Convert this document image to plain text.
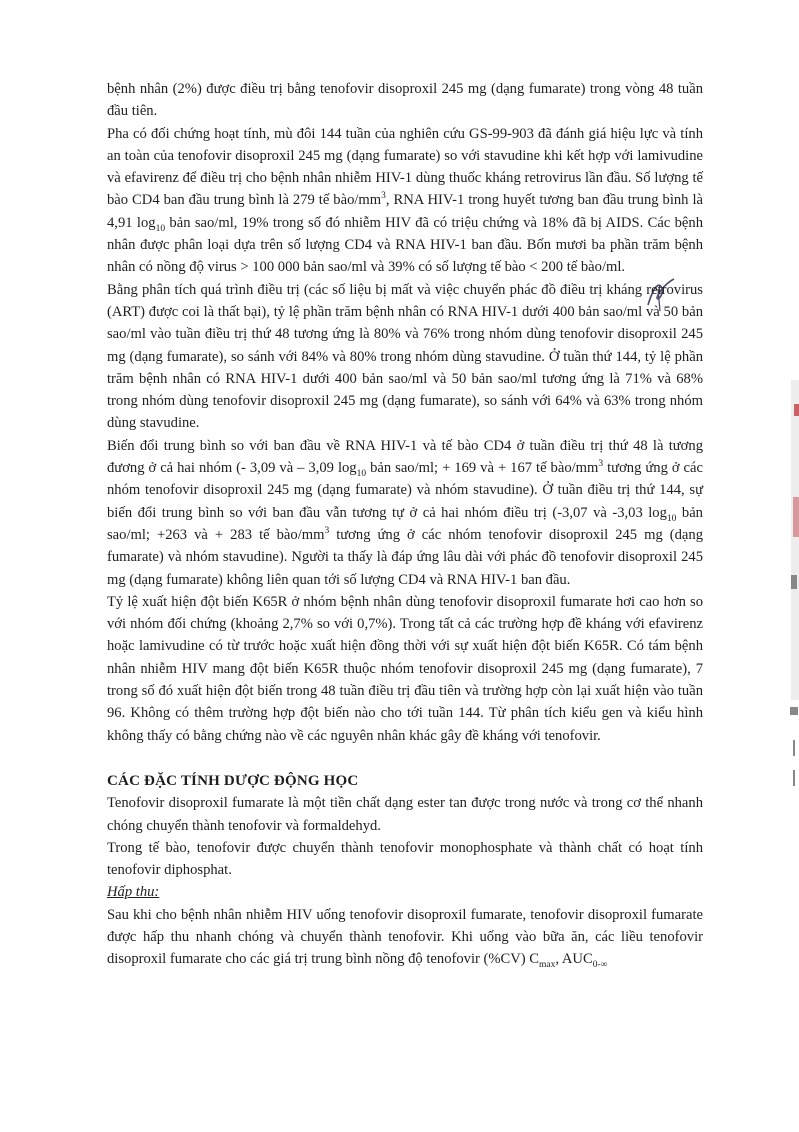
bệnh nhân (2%) được điều trị bằng tenofovir disoproxil 245 mg (dạng fumarate) trong vòng 48 tuần đầu tiên.

Pha có đối chứng hoạt tính, mù đôi 144 tuần của nghiên cứu GS-99-903 đã đánh giá hiệu lực và tính an toàn của tenofovir disoproxil 245 mg (dạng fumarate) so với stavudine khi kết hợp với lamivudine và efavirenz để điều trị cho bệnh nhân nhiễm HIV-1 dùng thuốc kháng retrovirus lần đầu. Số lượng tế bào CD4 ban đầu trung bình là 279 tế bào/$mm^3$, RNA HIV-1 trong huyết tương ban đầu trung bình là 4,91 $\log_{10}$ bản sao/ml, 19% trong số đó nhiễm HIV đã có triệu chứng và 18% đã bị AIDS. Các bệnh nhân được phân loại dựa trên số lượng CD4 và RNA HIV-1 ban đầu. Bốn mươi ba phần trăm bệnh nhân có nồng độ virus > 100 000 bản sao/ml và 39% có số lượng tế bào < 200 tế bào/ml.

Bằng phân tích quá trình điều trị (các số liệu bị mất và việc chuyển phác đồ điều trị kháng retrovirus (ART) được coi là thất bại), tỷ lệ phần trăm bệnh nhân có RNA HIV-1 dưới 400 bản sao/ml và 50 bản sao/ml vào tuần điều trị thứ 48 tương ứng là 80% và 76% trong nhóm dùng tenofovir disoproxil 245 mg (dạng fumarate), so sánh với 84% và 80% trong nhóm dùng stavudine. Ở tuần thứ 144, tỷ lệ phần trăm bệnh nhân có RNA HIV-1 dưới 400 bản sao/ml và 50 bản sao/ml tương ứng là 71% và 68% trong nhóm dùng tenofovir disoproxil 245 mg (dạng fumarate), so sánh với 64% và 63% trong nhóm dùng stavudine.

Biến đổi trung bình so với ban đầu về RNA HIV-1 và tế bào CD4 ở tuần điều trị thứ 48 là tương đương ở cả hai nhóm (- 3,09 và – 3,09 $\log_{10}$ bản sao/ml; + 169 và + 167 tế bào/$mm^3$ tương ứng ở các nhóm tenofovir disoproxil 245 mg (dạng fumarate) và nhóm stavudine). Ở tuần điều trị thứ 144, sự biến đổi trung bình so với ban đầu vẫn tương tự ở cả hai nhóm điều trị (-3,07 và -3,03 $\log_{10}$ bản sao/ml; +263 và + 283 tế bào/$mm^3$ tương ứng ở các nhóm tenofovir disoproxil 245 mg (dạng fumarate) và nhóm stavudine). Người ta thấy là đáp ứng lâu dài với phác đồ tenofovir disoproxil 245 mg (dạng fumarate) không liên quan tới số lượng CD4 và RNA HIV-1 ban đầu.

Tỷ lệ xuất hiện đột biến K65R ở nhóm bệnh nhân dùng tenofovir disoproxil fumarate hơi cao hơn so với nhóm đối chứng (khoảng 2,7% so với 0,7%). Trong tất cả các trường hợp đề kháng với efavirenz hoặc lamivudine có từ trước hoặc xuất hiện đồng thời với sự xuất hiện đột biến K65R. Có tám bệnh nhân nhiễm HIV mang đột biến K65R thuộc nhóm tenofovir disoproxil 245 mg (dạng fumarate), 7 trong số đó xuất hiện đột biến trong 48 tuần điều trị đầu tiên và trường hợp còn lại xuất hiện vào tuần 96. Không có thêm trường hợp đột biến nào cho tới tuần 144. Từ phân tích kiểu gen và kiểu hình không thấy có bằng chứng nào về các nguyên nhân khác gây đề kháng với tenofovir.

CÁC ĐẶC TÍNH DƯỢC ĐỘNG HỌC

Tenofovir disoproxil fumarate là một tiền chất dạng ester tan được trong nước và trong cơ thể nhanh chóng chuyển thành tenofovir và formaldehyd.

Trong tế bào, tenofovir được chuyển thành tenofovir monophosphate và thành chất có hoạt tính tenofovir diphosphat.

Hấp thu:

Sau khi cho bệnh nhân nhiễm HIV uống tenofovir disoproxil fumarate, tenofovir disoproxil fumarate được hấp thu nhanh chóng và chuyển thành tenofovir. Khi uống vào bữa ăn, các liều tenofovir disoproxil fumarate cho các giá trị trung bình nồng độ tenofovir (%CV) $C_{max}$, $AUC_{0-\infty}$
